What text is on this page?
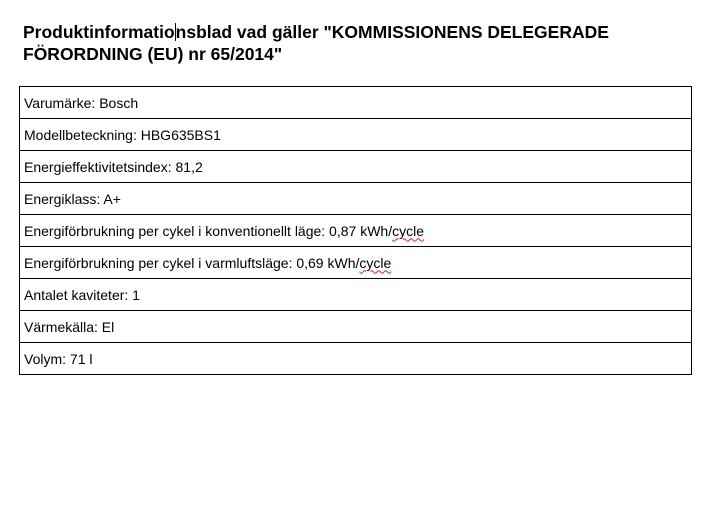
Produktinformationsblad vad gäller "KOMMISSIONENS DELEGERADE FÖRORDNING (EU) nr 65/2014"
Varumärke: Bosch
Modellbeteckning: HBG635BS1
Energieffektivitetsindex: 81,2
Energiklass: A+
Energiförbrukning per cykel i konventionellt läge: 0,87 kWh/cycle
Energiförbrukning per cykel i varmluftsläge: 0,69 kWh/cycle
Antalet kaviteter: 1
Värmekälla: El
Volym: 71 l
